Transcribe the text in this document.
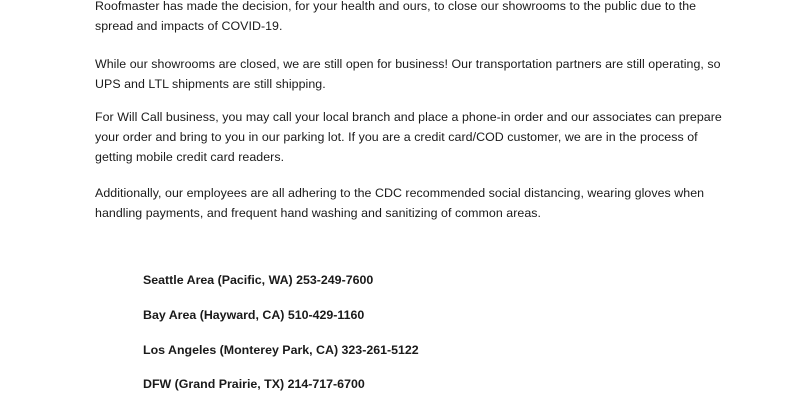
Roofmaster has made the decision, for your health and ours, to close our showrooms to the public due to the spread and impacts of COVID-19.

While our showrooms are closed, we are still open for business! Our transportation partners are still operating, so UPS and LTL shipments are still shipping.

For Will Call business, you may call your local branch and place a phone-in order and our associates can prepare your order and bring to you in our parking lot. If you are a credit card/COD customer, we are in the process of getting mobile credit card readers.

Additionally, our employees are all adhering to the CDC recommended social distancing, wearing gloves when handling payments, and frequent hand washing and sanitizing of common areas.

Seattle Area (Pacific, WA) 253-249-7600

Bay Area (Hayward, CA) 510-429-1160

Los Angeles (Monterey Park, CA) 323-261-5122

DFW (Grand Prairie, TX) 214-717-6700
